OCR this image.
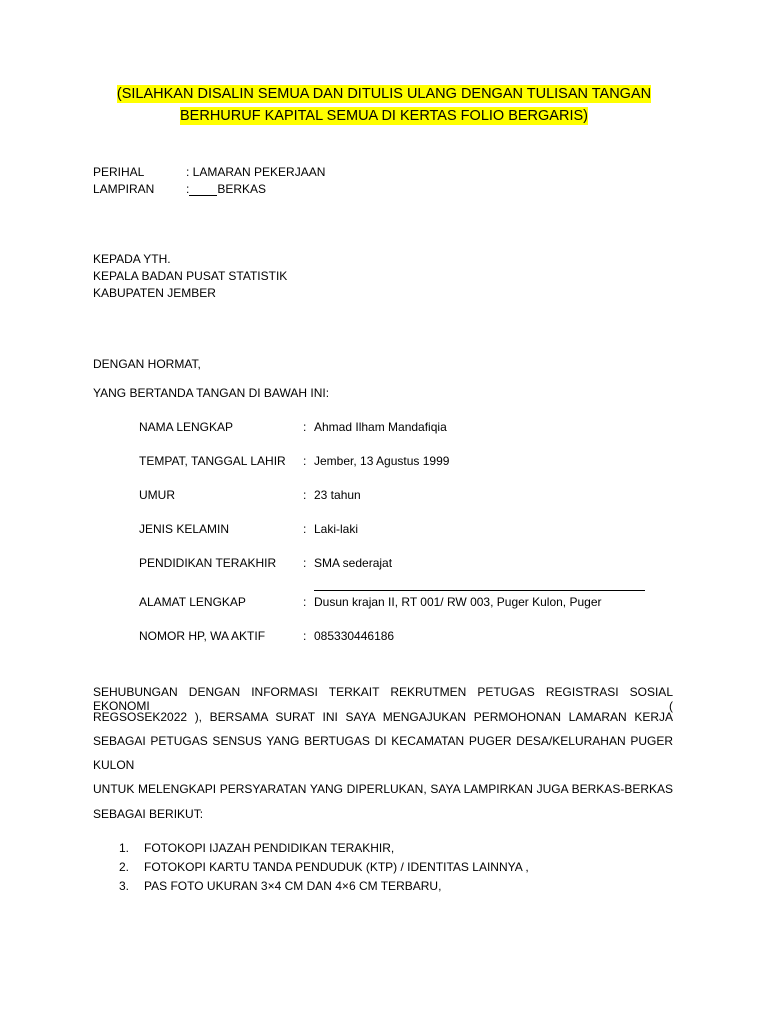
(SILAHKAN DISALIN SEMUA DAN DITULIS ULANG DENGAN TULISAN TANGAN
BERHURUF KAPITAL SEMUA DI KERTAS FOLIO BERGARIS)
PERIHAL	: LAMARAN PEKERJAAN
LAMPIRAN	: BERKAS
KEPADA YTH.
KEPALA BADAN PUSAT STATISTIK
KABUPATEN JEMBER
DENGAN HORMAT,
YANG BERTANDA TANGAN DI BAWAH INI:
NAMA LENGKAP	: Ahmad Ilham Mandafiqia
TEMPAT, TANGGAL LAHIR : Jember, 13 Agustus 1999
UMUR	: 23 tahun
JENIS KELAMIN	: Laki-laki
PENDIDIKAN TERAKHIR : SMA sederajat
ALAMAT LENGKAP	: Dusun krajan II, RT 001/ RW 003, Puger Kulon, Puger
NOMOR HP, WA AKTIF	: 085330446186
SEHUBUNGAN DENGAN INFORMASI TERKAIT REKRUTMEN PETUGAS REGISTRASI SOSIAL EKONOMI (
REGSOSEK2022 ), BERSAMA SURAT INI SAYA MENGAJUKAN PERMOHONAN LAMARAN KERJA
SEBAGAI PETUGAS SENSUS YANG BERTUGAS DI KECAMATAN PUGER DESA/KELURAHAN PUGER
KULON
UNTUK MELENGKAPI PERSYARATAN YANG DIPERLUKAN, SAYA LAMPIRKAN JUGA BERKAS-BERKAS
SEBAGAI BERIKUT:
1. FOTOKOPI IJAZAH PENDIDIKAN TERAKHIR,
2. FOTOKOPI KARTU TANDA PENDUDUK (KTP) / IDENTITAS LAINNYA ,
3. PAS FOTO UKURAN 3×4 CM DAN 4×6 CM TERBARU,
